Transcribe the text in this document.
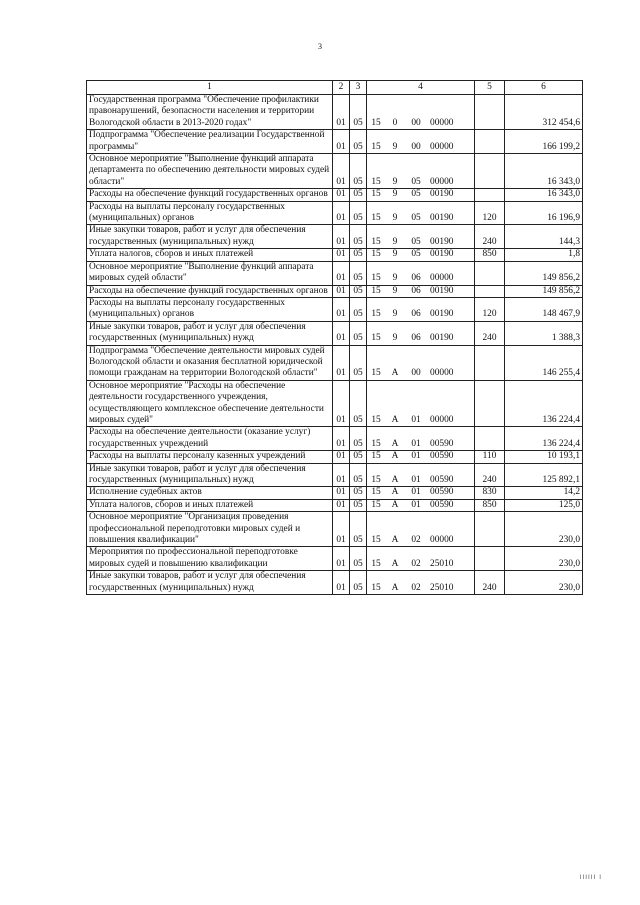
3
1	2	3	4	5	6
Государственная программа "Обеспечение профилактики правонарушений, безопасности населения и территории Вологодской области в 2013-2020 годах"	01	05	15 0 00 00000		312 454,6
Подпрограмма "Обеспечение реализации Государственной программы"	01	05	15 9 00 00000		166 199,2
Основное мероприятие "Выполнение функций аппарата департамента по обеспечению деятельности мировых судей области"	01	05	15 9 05 00000		16 343,0
Расходы на обеспечение функций государственных органов	01	05	15 9 05 00190		16 343,0
Расходы на выплаты персоналу государственных (муниципальных) органов	01	05	15 9 05 00190	120	16 196,9
Иные закупки товаров, работ и услуг для обеспечения государственных (муниципальных) нужд	01	05	15 9 05 00190	240	144,3
Уплата налогов, сборов и иных платежей	01	05	15 9 05 00190	850	1,8
Основное мероприятие "Выполнение функций аппарата мировых судей области"	01	05	15 9 06 00000		149 856,2
Расходы на обеспечение функций государственных органов	01	05	15 9 06 00190		149 856,2
Расходы на выплаты персоналу государственных (муниципальных) органов	01	05	15 9 06 00190	120	148 467,9
Иные закупки товаров, работ и услуг для обеспечения государственных (муниципальных) нужд	01	05	15 9 06 00190	240	1 388,3
Подпрограмма "Обеспечение деятельности мировых судей Вологодской области и оказания бесплатной юридической помощи гражданам на территории Вологодской области"	01	05	15 А 00 00000		146 255,4
Основное мероприятие "Расходы на обеспечение деятельности государственного учреждения, осуществляющего комплексное обеспечение деятельности мировых судей"	01	05	15 А 01 00000		136 224,4
Расходы на обеспечение деятельности (оказание услуг) государственных учреждений	01	05	15 А 01 00590		136 224,4
Расходы на выплаты персоналу казенных учреждений	01	05	15 А 01 00590	110	10 193,1
Иные закупки товаров, работ и услуг для обеспечения государственных (муниципальных) нужд	01	05	15 А 01 00590	240	125 892,1
Исполнение судебных актов	01	05	15 А 01 00590	830	14,2
Уплата налогов, сборов и иных платежей	01	05	15 А 01 00590	850	125,0
Основное мероприятие "Организация проведения профессиональной переподготовки мировых судей и повышения квалификации"	01	05	15 А 02 00000		230,0
Мероприятия по профессиональной переподготовке мировых судей и повышению квалификации	01	05	15 А 02 25010		230,0
Иные закупки товаров, работ и услуг для обеспечения государственных (муниципальных) нужд	01	05	15 А 02 25010	240	230,0
IIIIII I
